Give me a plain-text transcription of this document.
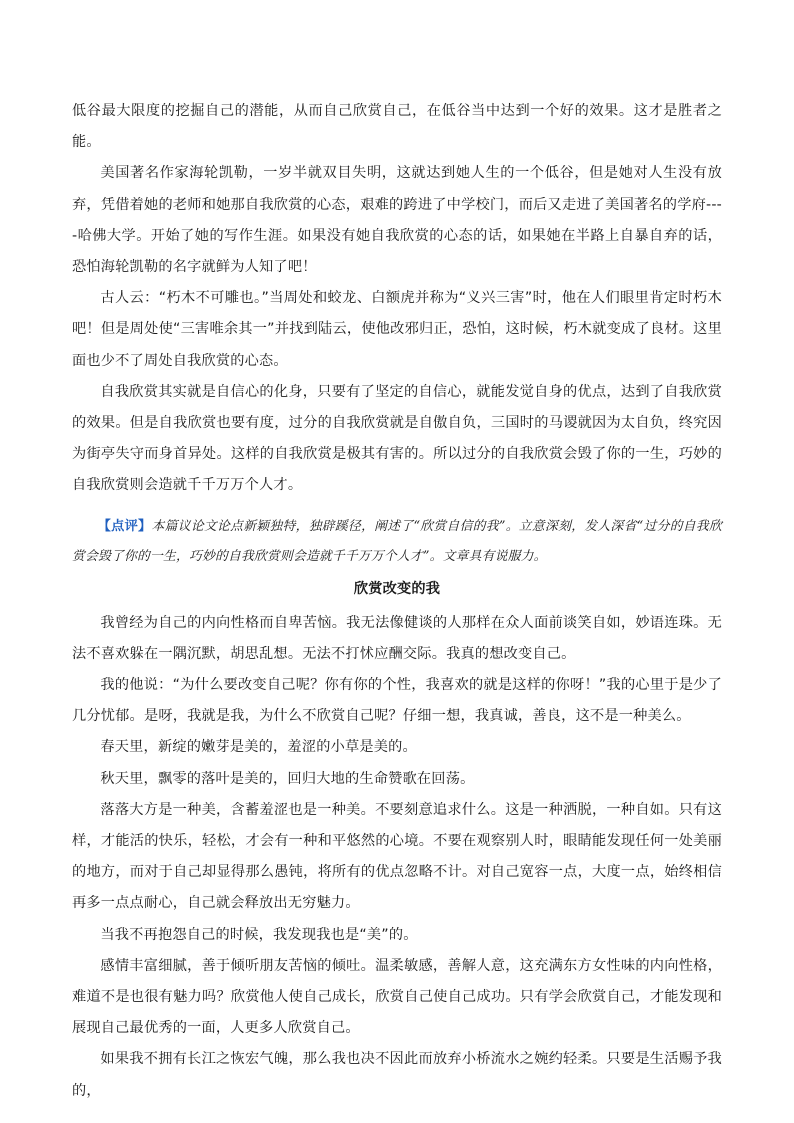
低谷最大限度的挖掘自己的潜能，从而自己欣赏自己，在低谷当中达到一个好的效果。这才是胜者之能。

美国著名作家海轮凯勒，一岁半就双目失明，这就达到她人生的一个低谷，但是她对人生没有放弃，凭借着她的老师和她那自我欣赏的心态，艰难的跨进了中学校门，而后又走进了美国著名的学府----哈佛大学。开始了她的写作生涯。如果没有她自我欣赏的心态的话，如果她在半路上自暴自弃的话，恐怕海轮凯勒的名字就鲜为人知了吧！

古人云：“朽木不可雕也。”当周处和蛟龙、白额虎并称为“义兴三害”时，他在人们眼里肯定时朽木吧！但是周处使“三害唯余其一”并找到陆云，使他改邪归正，恐怕，这时候，朽木就变成了良材。这里面也少不了周处自我欣赏的心态。

自我欣赏其实就是自信心的化身，只要有了坚定的自信心，就能发觉自身的优点，达到了自我欣赏的效果。但是自我欣赏也要有度，过分的自我欣赏就是自傲自负，三国时的马谡就因为太自负，终究因为街亭失守而身首异处。这样的自我欣赏是极其有害的。所以过分的自我欣赏会毁了你的一生，巧妙的自我欣赏则会造就千千万万个人才。

【点评】本篇议论文论点新颖独特，独辟蹊径，阐述了“欣赏自信的我”。立意深刻，发人深省“过分的自我欣赏会毁了你的一生，巧妙的自我欣赏则会造就千千万万个人才”。文章具有说服力。

欣赏改变的我

我曾经为自己的内向性格而自卑苦恼。我无法像健谈的人那样在众人面前谈笑自如，妙语连珠。无法不喜欢躲在一隅沉默，胡思乱想。无法不打怵应酬交际。我真的想改变自己。

我的他说：“为什么要改变自己呢？你有你的个性，我喜欢的就是这样的你呀！”我的心里于是少了几分忧郁。是呀，我就是我，为什么不欣赏自己呢？仔细一想，我真诚，善良，这不是一种美么。

春天里，新绽的嫩芽是美的，羞涩的小草是美的。

秋天里，飘零的落叶是美的，回归大地的生命赞歌在回荡。

落落大方是一种美，含蓄羞涩也是一种美。不要刻意追求什么。这是一种洒脱，一种自如。只有这样，才能活的快乐，轻松，才会有一种和平悠然的心境。不要在观察别人时，眼睛能发现任何一处美丽的地方，而对于自己却显得那么愚钝，将所有的优点忽略不计。对自己宽容一点，大度一点，始终相信再多一点点耐心，自己就会释放出无穷魅力。

当我不再抱怨自己的时候，我发现我也是“美”的。

感情丰富细腻，善于倾听朋友苦恼的倾吐。温柔敏感，善解人意，这充满东方女性味的内向性格，难道不是也很有魅力吗？欣赏他人使自己成长，欣赏自己使自己成功。只有学会欣赏自己，才能发现和展现自己最优秀的一面，人更多人欣赏自己。

如果我不拥有长江之恢宏气魄，那么我也决不因此而放弃小桥流水之婉约轻柔。只要是生活赐予我的，
